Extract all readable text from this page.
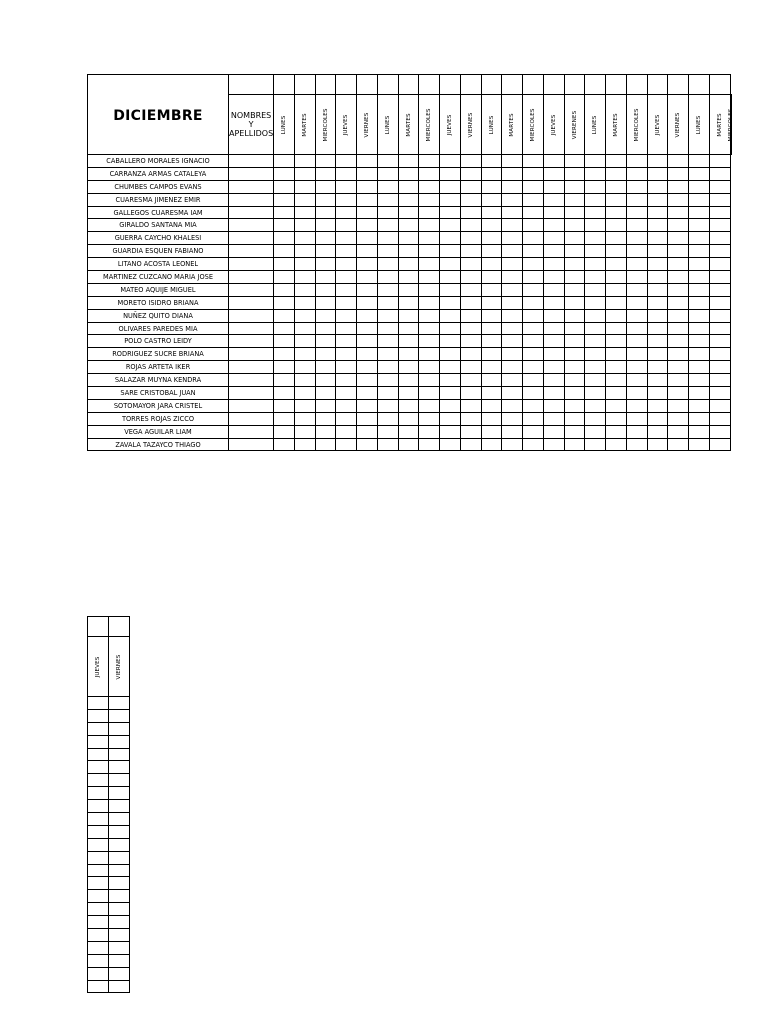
DICIEMBRE																								
	NOMBRES Y APELLIDOS	LUNES	MARTES	MIERCOLES	JUEVES	VIERNES	LUNES	MARTES	MIERCOLES	JUEVES	VIERNES	LUNES	MARTES	MIERCOLES	JUEVES	VIERENES	LUNES	MARTES	MIERCOLES	JUEVES	VIERNES	LUNES	MARTES	MIERCOLES

CABALLERO MORALES IGNACIO																								
CARRANZA ARMAS CATALEYA																								
CHUMBES CAMPOS EVANS																								
CUARESMA JIMENEZ EMIR																								
GALLEGOS CUARESMA IAM																								
GIRALDO SANTANA MIA																								
GUERRA CAYCHO KHALESI																								
GUARDIA ESQUEN FABIANO																								
LITANO ACOSTA LEONEL																								
MARTINEZ CUZCANO MARIA JOSE																								
MATEO AQUIJE MIGUEL																								
MORETO ISIDRO BRIANA																								
NUÑEZ QUITO DIANA																								
OLIVARES PAREDES MIA																								
POLO CASTRO LEIDY																								
RODRIGUEZ SUCRE BRIANA																								
ROJAS ARTETA IKER																								
SALAZAR MUYNA KENDRA																								
SARE CRISTOBAL JUAN																								
SOTOMAYOR JARA CRISTEL																								
TORRES ROJAS ZICCO																								
VEGA AGUILAR LIAM																								
ZAVALA TAZAYCO THIAGO																								

JUEVES	VIERNES
